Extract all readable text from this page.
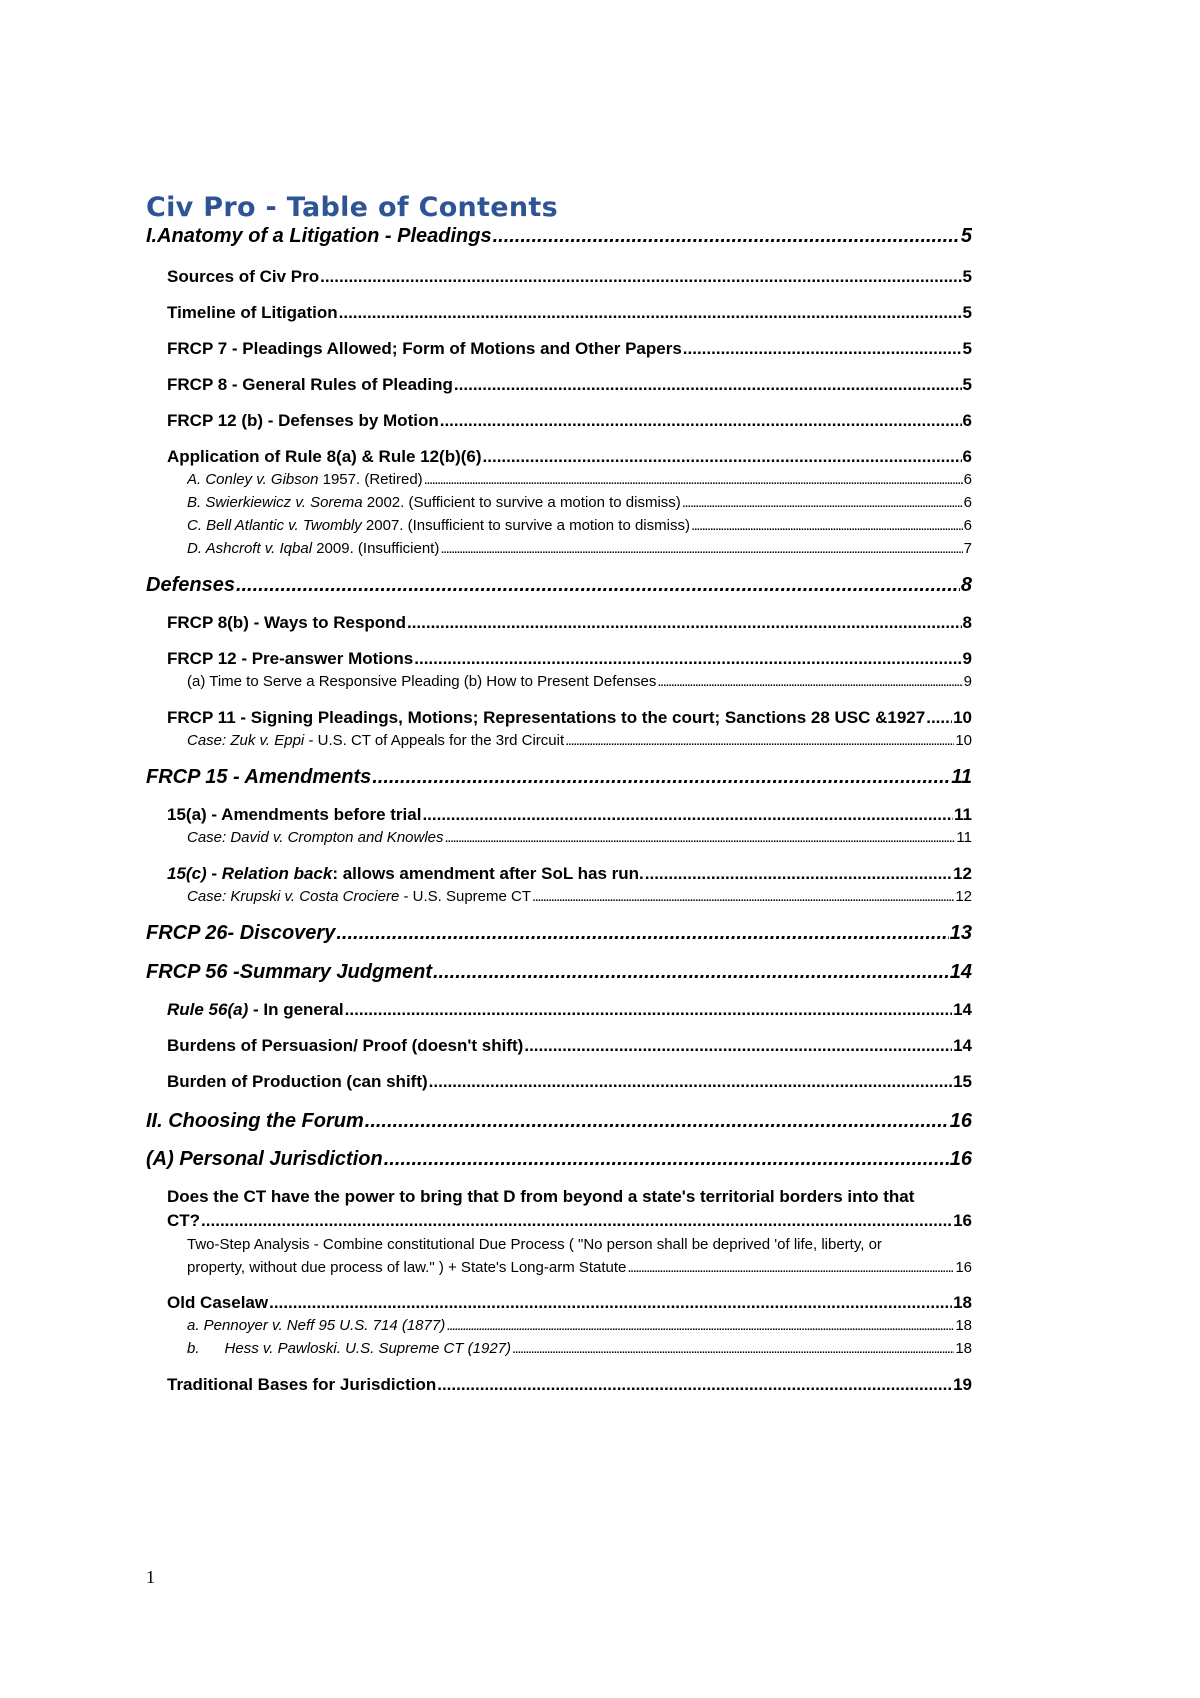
Civ Pro - Table of Contents
I.Anatomy of a Litigation - Pleadings .....	5
Sources of Civ Pro .....	5
Timeline of Litigation .....	5
FRCP 7 - Pleadings Allowed; Form of Motions and Other Papers .....	5
FRCP 8 - General Rules of Pleading .....	5
FRCP 12 (b) - Defenses by Motion .....	6
Application of Rule 8(a) & Rule 12(b)(6) .....	6
A. Conley v. Gibson 1957. (Retired) .....	6
B. Swierkiewicz v. Sorema 2002. (Sufficient to survive a motion to dismiss) .....	6
C. Bell Atlantic v. Twombly 2007. (Insufficient to survive a motion to dismiss) .....	6
D. Ashcroft v. Iqbal 2009. (Insufficient) .....	7
Defenses .....	8
FRCP 8(b) - Ways to Respond .....	8
FRCP 12 - Pre-answer Motions .....	9
(a) Time to Serve a Responsive Pleading (b) How to Present Defenses .....	9
FRCP 11 - Signing Pleadings, Motions; Representations to the court; Sanctions 28 USC &1927 ..... 10
Case: Zuk v. Eppi - U.S. CT of Appeals for the 3rd Circuit .....	10
FRCP 15 - Amendments .....	11
15(a) - Amendments before trial .....	11
Case: David v. Crompton and Knowles .....	11
15(c) - Relation back: allows amendment after SoL has run. .....	12
Case: Krupski v. Costa Crociere - U.S. Supreme CT .....	12
FRCP 26- Discovery .....	13
FRCP 56 -Summary Judgment .....	14
Rule 56(a) - In general .....	14
Burdens of Persuasion/ Proof (doesn't shift) .....	14
Burden of Production (can shift) .....	15
II. Choosing the Forum .....	16
(A) Personal Jurisdiction .....	16
Does the CT have the power to bring that D from beyond a state's territorial borders into that
CT? .....	16
Two-Step Analysis - Combine constitutional Due Process ( "No person shall be deprived 'of life, liberty, or
property, without due process of law." ) + State's Long-arm Statute .....	16
Old Caselaw .....	18
a. Pennoyer v. Neff 95 U.S. 714 (1877) .....	18
b.      Hess v. Pawloski. U.S. Supreme CT (1927) .....	18
Traditional Bases for Jurisdiction .....	19
1
